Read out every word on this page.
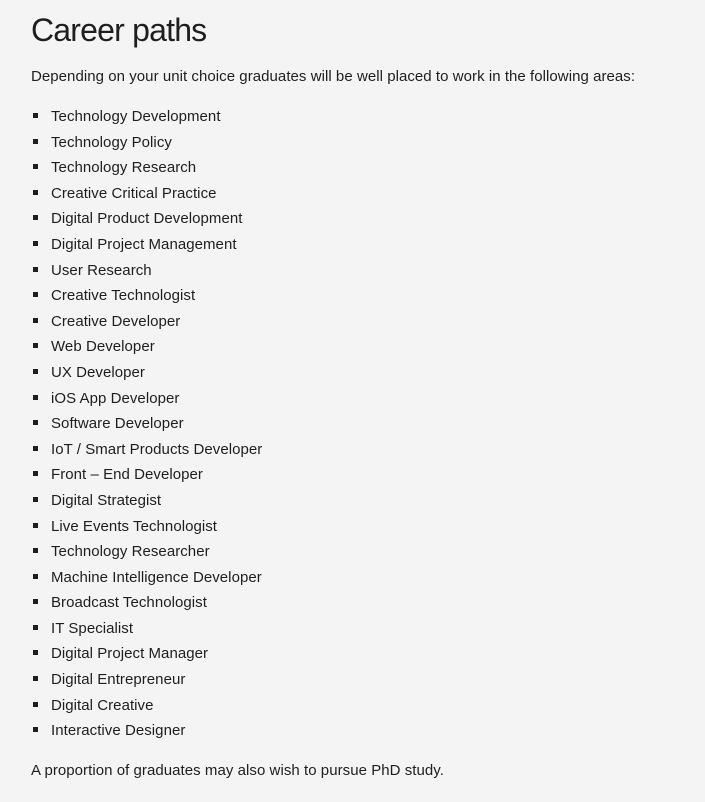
Career paths

Depending on your unit choice graduates will be well placed to work in the following areas:

Technology Development
Technology Policy
Technology Research
Creative Critical Practice
Digital Product Development
Digital Project Management
User Research
Creative Technologist
Creative Developer
Web Developer
UX Developer
iOS App Developer
Software Developer
IoT / Smart Products Developer
Front – End Developer
Digital Strategist
Live Events Technologist
Technology Researcher
Machine Intelligence Developer
Broadcast Technologist
IT Specialist
Digital Project Manager
Digital Entrepreneur
Digital Creative
Interactive Designer

A proportion of graduates may also wish to pursue PhD study.
